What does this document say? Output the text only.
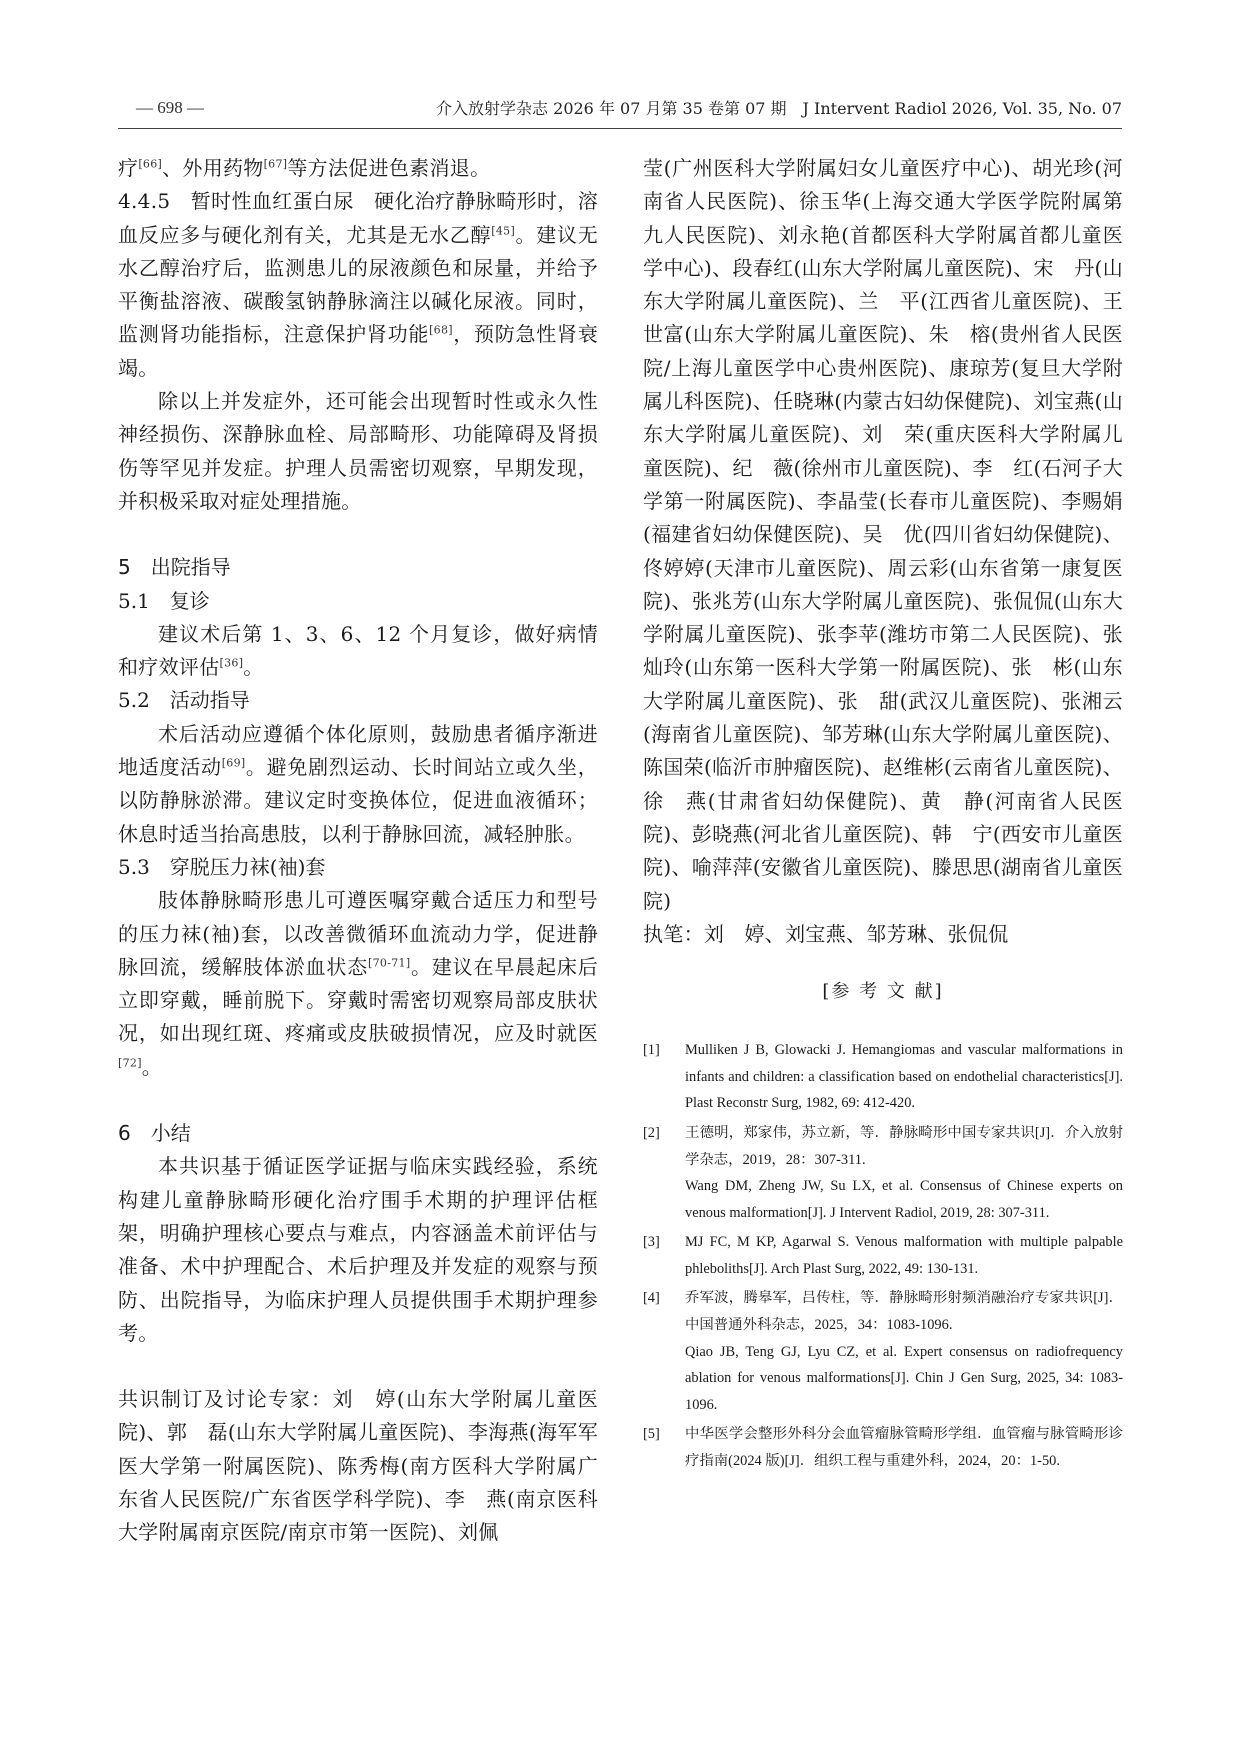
— 698 —	介入放射学杂志 2026 年 07 月第 35 卷第 07 期　J Intervent Radiol 2026, Vol. 35, No. 07

疗[66]、外用药物[67]等方法促进色素消退。

4.4.5　暂时性血红蛋白尿　硬化治疗静脉畸形时，溶血反应多与硬化剂有关，尤其是无水乙醇[45]。建议无水乙醇治疗后，监测患儿的尿液颜色和尿量，并给予平衡盐溶液、碳酸氢钠静脉滴注以碱化尿液。同时，监测肾功能指标，注意保护肾功能[68]，预防急性肾衰竭。

除以上并发症外，还可能会出现暂时性或永久性神经损伤、深静脉血栓、局部畸形、功能障碍及肾损伤等罕见并发症。护理人员需密切观察，早期发现，并积极采取对症处理措施。

5　出院指导

5.1　复诊

建议术后第 1、3、6、12 个月复诊，做好病情和疗效评估[36]。

5.2　活动指导

术后活动应遵循个体化原则，鼓励患者循序渐进地适度活动[69]。避免剧烈运动、长时间站立或久坐，以防静脉淤滞。建议定时变换体位，促进血液循环；休息时适当抬高患肢，以利于静脉回流，减轻肿胀。

5.3　穿脱压力袜(袖)套

肢体静脉畸形患儿可遵医嘱穿戴合适压力和型号的压力袜(袖)套，以改善微循环血流动力学，促进静脉回流，缓解肢体淤血状态[70-71]。建议在早晨起床后立即穿戴，睡前脱下。穿戴时需密切观察局部皮肤状况，如出现红斑、疼痛或皮肤破损情况，应及时就医[72]。

6　小结

本共识基于循证医学证据与临床实践经验，系统构建儿童静脉畸形硬化治疗围手术期的护理评估框架，明确护理核心要点与难点，内容涵盖术前评估与准备、术中护理配合、术后护理及并发症的观察与预防、出院指导，为临床护理人员提供围手术期护理参考。

共识制订及讨论专家：刘　婷(山东大学附属儿童医院)、郭　磊(山东大学附属儿童医院)、李海燕(海军军医大学第一附属医院)、陈秀梅(南方医科大学附属广东省人民医院/广东省医学科学院)、李　燕(南京医科大学附属南京医院/南京市第一医院)、刘佩

莹(广州医科大学附属妇女儿童医疗中心)、胡光珍(河南省人民医院)、徐玉华(上海交通大学医学院附属第九人民医院)、刘永艳(首都医科大学附属首都儿童医学中心)、段春红(山东大学附属儿童医院)、宋　丹(山东大学附属儿童医院)、兰　平(江西省儿童医院)、王世富(山东大学附属儿童医院)、朱　榕(贵州省人民医院/上海儿童医学中心贵州医院)、康琼芳(复旦大学附属儿科医院)、任晓琳(内蒙古妇幼保健院)、刘宝燕(山东大学附属儿童医院)、刘　荣(重庆医科大学附属儿童医院)、纪　薇(徐州市儿童医院)、李　红(石河子大学第一附属医院)、李晶莹(长春市儿童医院)、李赐娟(福建省妇幼保健医院)、吴　优(四川省妇幼保健院)、佟婷婷(天津市儿童医院)、周云彩(山东省第一康复医院)、张兆芳(山东大学附属儿童医院)、张侃侃(山东大学附属儿童医院)、张李苹(潍坊市第二人民医院)、张灿玲(山东第一医科大学第一附属医院)、张　彬(山东大学附属儿童医院)、张　甜(武汉儿童医院)、张湘云(海南省儿童医院)、邹芳琳(山东大学附属儿童医院)、陈国荣(临沂市肿瘤医院)、赵维彬(云南省儿童医院)、徐　燕(甘肃省妇幼保健院)、黄　静(河南省人民医院)、彭晓燕(河北省儿童医院)、韩　宁(西安市儿童医院)、喻萍萍(安徽省儿童医院)、滕思思(湖南省儿童医院)

执笔：刘　婷、刘宝燕、邹芳琳、张侃侃

[参 考 文 献]

[1] Mulliken J B, Glowacki J. Hemangiomas and vascular malformations in infants and children: a classification based on endothelial characteristics[J]. Plast Reconstr Surg, 1982, 69: 412-420.
[2] 王德明，郑家伟，苏立新，等．静脉畸形中国专家共识[J]．介入放射学杂志，2019，28：307-311.
Wang DM, Zheng JW, Su LX, et al. Consensus of Chinese experts on venous malformation[J]. J Intervent Radiol, 2019, 28: 307-311.
[3] MJ FC, M KP, Agarwal S. Venous malformation with multiple palpable phleboliths[J]. Arch Plast Surg, 2022, 49: 130-131.
[4] 乔军波，腾皋军，吕传柱，等．静脉畸形射频消融治疗专家共识[J]．中国普通外科杂志，2025，34：1083-1096.
Qiao JB, Teng GJ, Lyu CZ, et al. Expert consensus on radiofrequency ablation for venous malformations[J]. Chin J Gen Surg, 2025, 34: 1083-1096.
[5] 中华医学会整形外科分会血管瘤脉管畸形学组．血管瘤与脉管畸形诊疗指南(2024 版)[J]．组织工程与重建外科，2024，20：1-50.
